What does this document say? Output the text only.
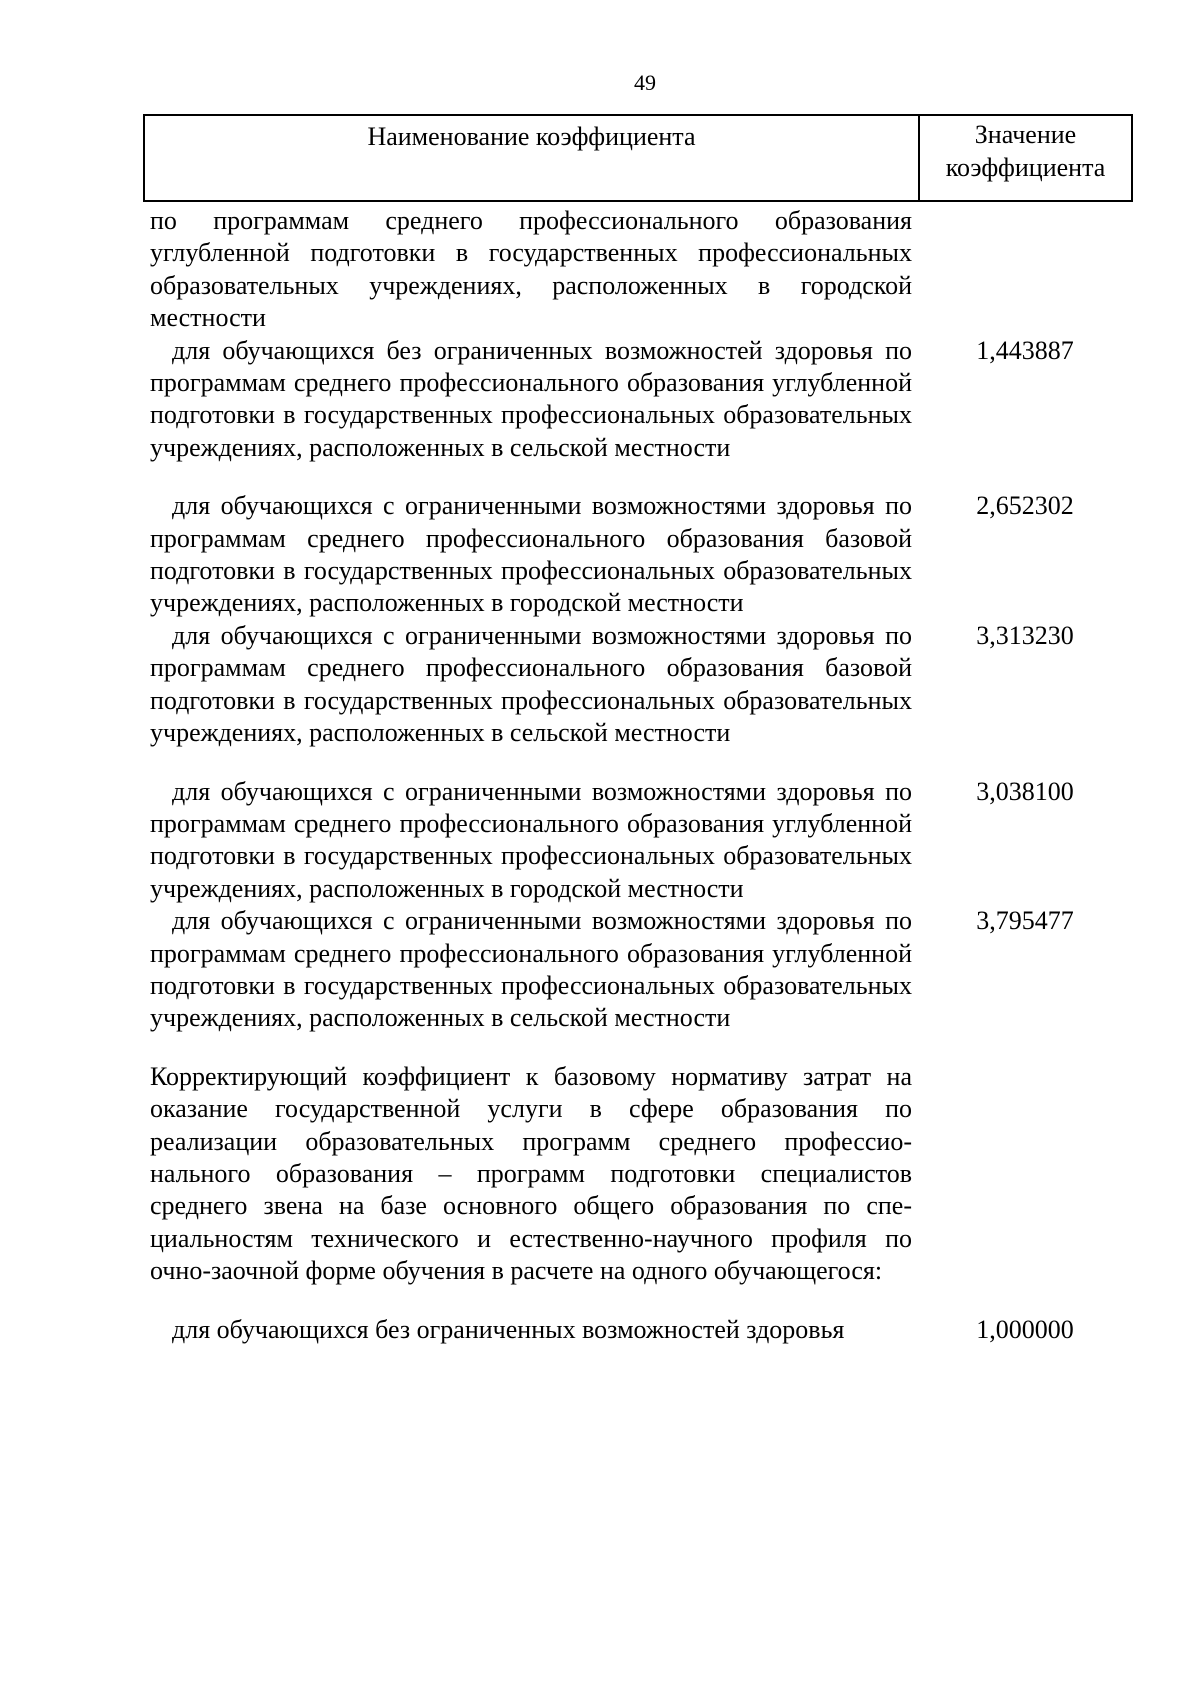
49
Наименование коэффициента	Значение
коэффициента
по программам среднего профессионального образования углубленной подготовки в государственных профессиональных образовательных учреждениях, расположенных в городской местности
для обучающихся без ограниченных возможностей здоровья по программам среднего профессионального образования углубленной подготовки в государственных профессиональных образовательных учреждениях, расположенных в сельской местности
1,443887
для обучающихся с ограниченными возможностями здоровья по программам среднего профессионального образования базовой подготовки в государственных профессиональных образовательных учреждениях, расположенных в городской местности
2,652302
для обучающихся с ограниченными возможностями здоровья по программам среднего профессионального образования базовой подготовки в государственных профессиональных образовательных учреждениях, расположенных в сельской местности
3,313230
для обучающихся с ограниченными возможностями здоровья по программам среднего профессионального образования углубленной подготовки в государственных профессиональных образовательных учреждениях, расположенных в городской местности
3,038100
для обучающихся с ограниченными возможностями здоровья по программам среднего профессионального образования углубленной подготовки в государственных профессиональных образовательных учреждениях, расположенных в сельской местности
3,795477
Корректирующий коэффициент к базовому нормативу затрат на оказание государственной услуги в сфере образования по реализации образовательных программ среднего профессионального образования – программ подготовки специалистов среднего звена на базе основного общего образования по специальностям технического и естественно-научного профиля по очно-заочной форме обучения в расчете на одного обучающегося:
для обучающихся без ограниченных возможностей здоровья	1,000000
